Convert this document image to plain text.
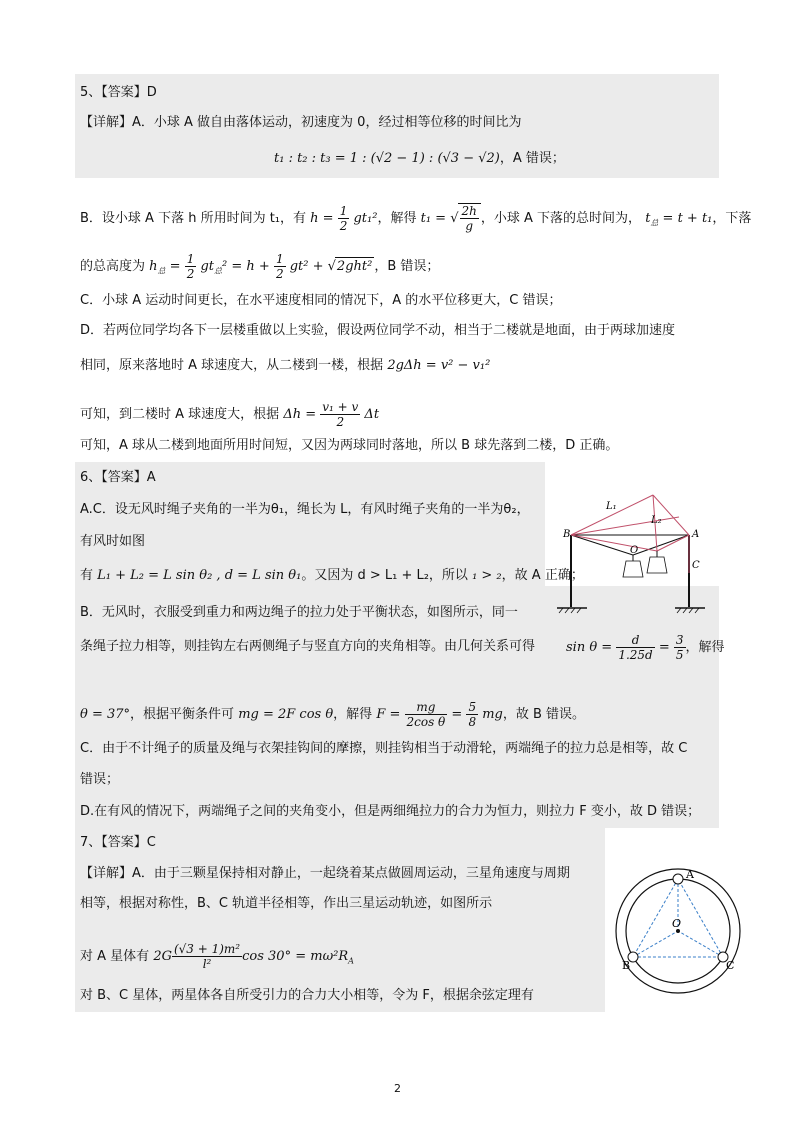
5、【答案】D
【详解】A．小球 A 做自由落体运动，初速度为 0，经过相等位移的时间比为
t₁ : t₂ : t₃ = 1 : (√2 − 1) : (√3 − √2)，A 错误；
B．设小球 A 下落 h 所用时间为 t₁，有 $h = \frac{1}{2} gt_1^2$，解得 t₁ = √ $\frac{2h}{g}$ ，小球 A 下落的总时间为， $t_总 = t + t_1$，下落
的总高度为 $h_总 = \frac{1}{2} gt_总^2 = h + \frac{1}{2} gt^2 + √2ght^2$ ，B 错误；
C．小球 A 运动时间更长，在水平速度相同的情况下，A 的水平位移更大，C 错误；
D．若两位同学均各下一层楼重做以上实验，假设两位同学不动，相当于二楼就是地面，由于两球加速度
相同，原来落地时 A 球速度大，从二楼到一楼，根据 2gΔh = v² − v₁²
可知，到二楼时 A 球速度大，根据 $\Delta h = \frac{\text{v₁ + v}}{2}$ Δt
可知，A 球从二楼到地面所用时间短，又因为两球同时落地，所以 B 球先落到二楼，D 正确。
6、【答案】A
A.C．设无风时绳子夹角的一半为θ₁，绳长为 L，有风时绳子夹角的一半为θ₂，
有风时如图
有 L₁ + L₂ = L sin θ₂ , d = L sin θ₁。又因为 d > L₁ + L₂，所以 ₁ > ₂，故 A 正确；
B．无风时，衣服受到重力和两边绳子的拉力处于平衡状态，如图所示，同一
条绳子拉力相等，则挂钩左右两侧绳子与竖直方向的夹角相等。由几何关系可得 $\sin \theta = \frac{d}{1.25d} = \frac{3}{5}$ ，解得
θ = 37°，根据平衡条件可 mg = 2F cos θ，解得 $F = \frac{mg}{\text{2cos θ}} = \frac{5}{8}$ mg，故 B 错误。
C．由于不计绳子的质量及绳与衣架挂钩间的摩擦，则挂钩相当于动滑轮，两端绳子的拉力总是相等，故 C
错误；
D.在有风的情况下，两端绳子之间的夹角变小，但是两细绳拉力的合力为恒力，则拉力 F 变小，故 D 错误；
L₁
L₂
B	A
O
C
7、【答案】C
【详解】A．由于三颗星保持相对静止，一起绕着某点做圆周运动，三星角速度与周期
相等，根据对称性，B、C 轨道半径相等，作出三星运动轨迹，如图所示
对 A 星体有 $2G \frac{\text{(√3 + 1)m²}}{\text{l²}}$ $\cos 30^\circ = m\omega^2R_A$
对 B、C 星体，两星体各自所受引力的合力大小相等，令为 F，根据余弦定理有
A
B	C
O
2
